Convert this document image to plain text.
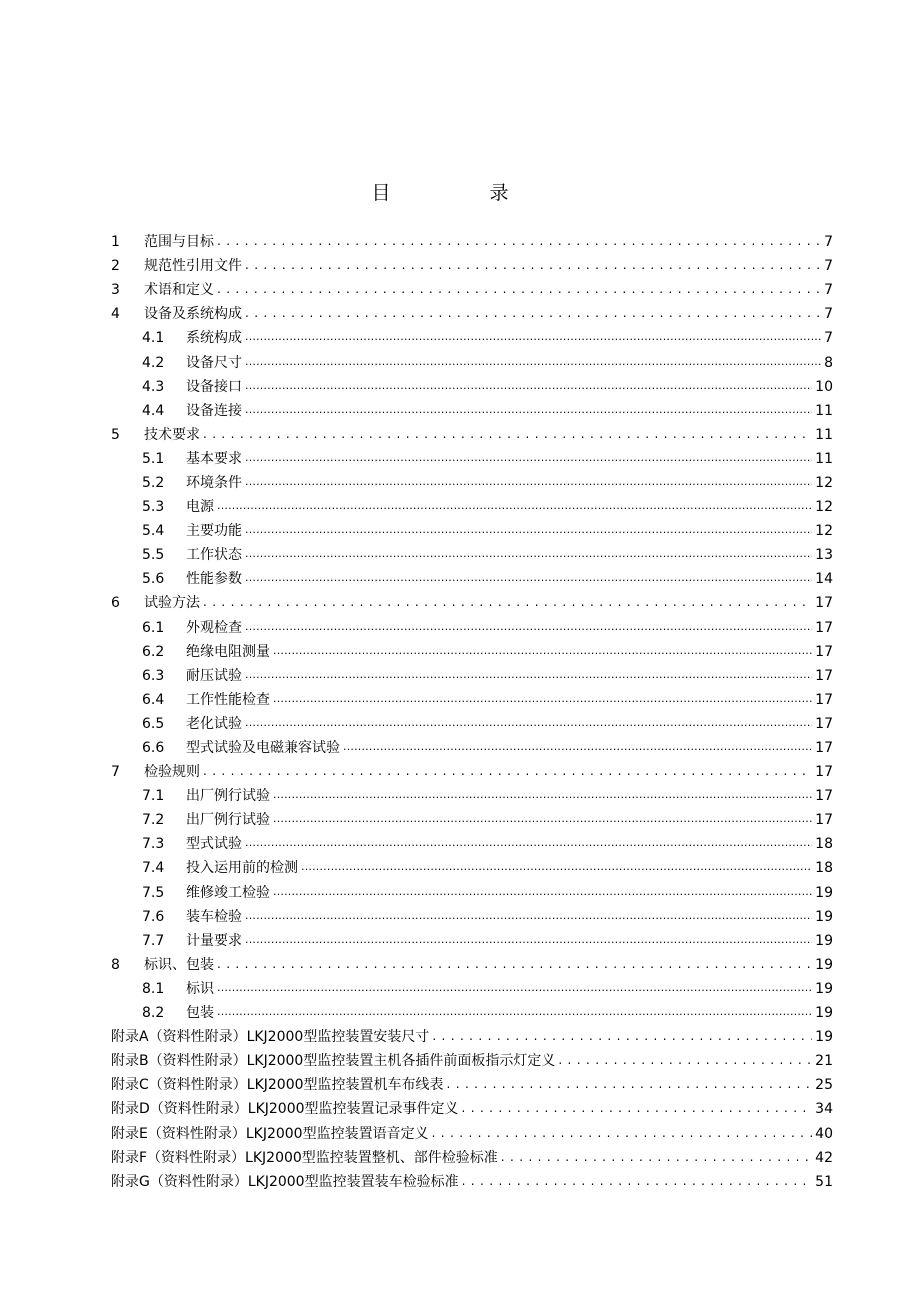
目　录
1	范围与目标 .....	7
2	规范性引用文件 .....	7
3	术语和定义 .....	7
4	设备及系统构成 .....	7
4.1	系统构成 .....	7
4.2	设备尺寸 .....	8
4.3	设备接口 .....	10
4.4	设备连接 .....	11
5	技术要求 .....	11
5.1	基本要求 .....	11
5.2	环境条件 .....	12
5.3	电源 .....	12
5.4	主要功能 .....	12
5.5	工作状态 .....	13
5.6	性能参数 .....	14
6	试验方法 .....	17
6.1	外观检查 .....	17
6.2	绝缘电阻测量 .....	17
6.3	耐压试验 .....	17
6.4	工作性能检查 .....	17
6.5	老化试验 .....	17
6.6	型式试验及电磁兼容试验 .....	17
7	检验规则 .....	17
7.1	出厂例行试验 .....	17
7.2	出厂例行试验 .....	17
7.3	型式试验 .....	18
7.4	投入运用前的检测 .....	18
7.5	维修竣工检验 .....	19
7.6	装车检验 .....	19
7.7	计量要求 .....	19
8	标识、包装 .....	19
8.1	标识 .....	19
8.2	包装 .....	19
附录A（资料性附录）LKJ2000型监控装置安装尺寸 .....	19
附录B（资料性附录）LKJ2000型监控装置主机各插件前面板指示灯定义 .....	21
附录C（资料性附录）LKJ2000型监控装置机车布线表 .....	25
附录D（资料性附录）LKJ2000型监控装置记录事件定义 .....	34
附录E（资料性附录）LKJ2000型监控装置语音定义 .....	40
附录F（资料性附录）LKJ2000型监控装置整机、部件检验标准 .....	42
附录G（资料性附录）LKJ2000型监控装置装车检验标准 .....	51
